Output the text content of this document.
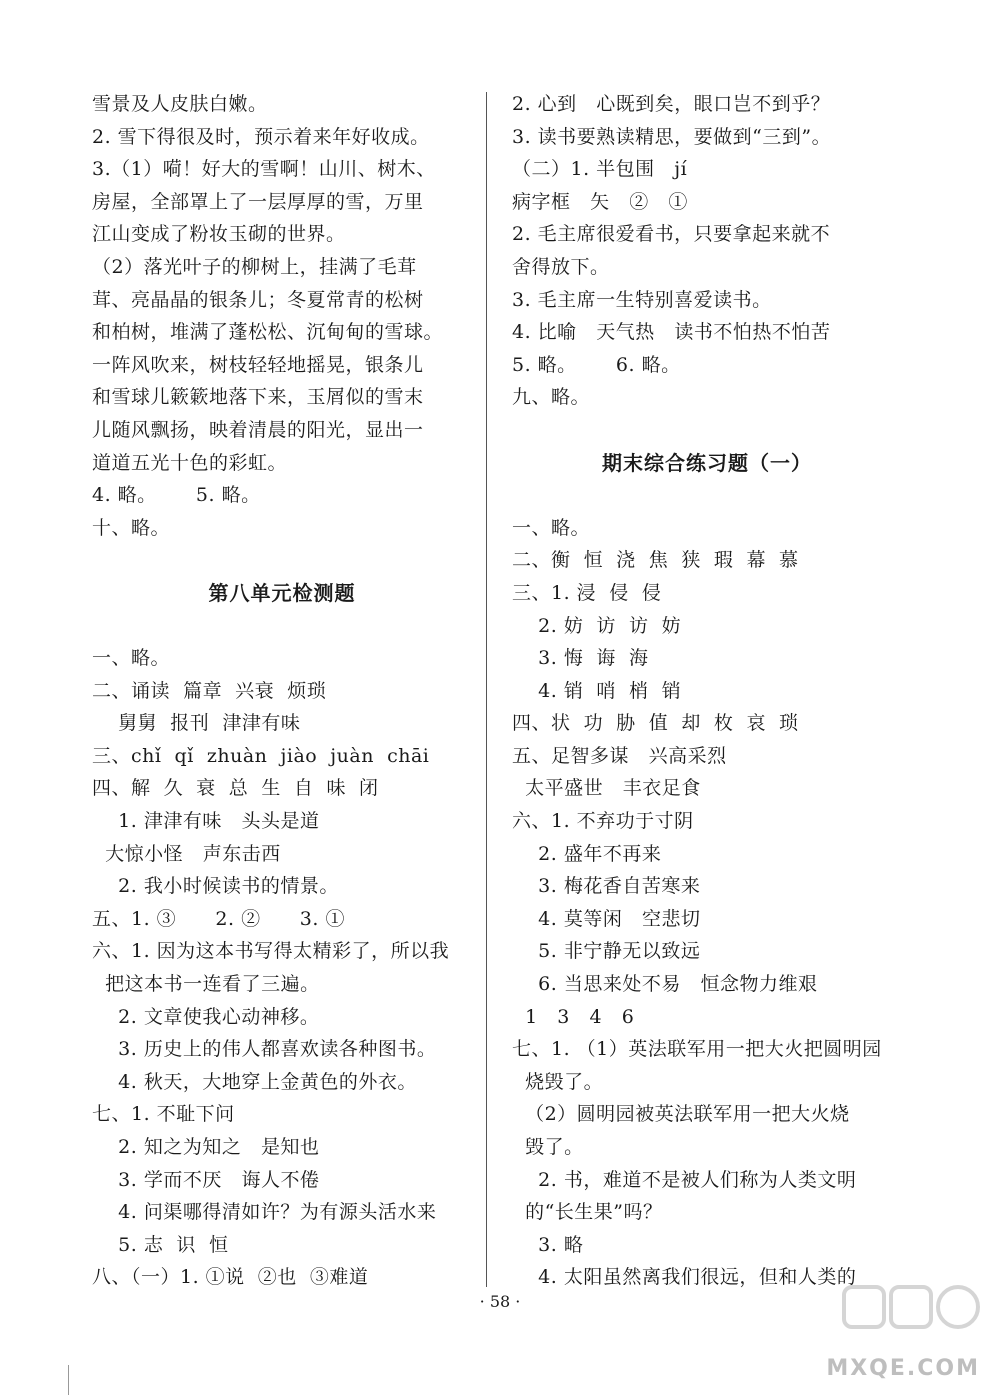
雪景及人皮肤白嫩。
2. 雪下得很及时，预示着来年好收成。
3.（1）嗬！好大的雪啊！山川、树木、
房屋，全部罩上了一层厚厚的雪，万里
江山变成了粉妆玉砌的世界。
（2）落光叶子的柳树上，挂满了毛茸
茸、亮晶晶的银条儿；冬夏常青的松树
和柏树，堆满了蓬松松、沉甸甸的雪球。
一阵风吹来，树枝轻轻地摇晃，银条儿
和雪球儿簌簌地落下来，玉屑似的雪末
儿随风飘扬，映着清晨的阳光，显出一
道道五光十色的彩虹。
4. 略。      5. 略。
十、略。
第八单元检测题
一、略。
二、诵读  篇章  兴衰  烦琐
舅舅  报刊  津津有味
三、chǐ  qǐ  zhuàn  jiào  juàn  chāi
四、解  久  衰  总  生  自  味  闭
1. 津津有味   头头是道
大惊小怪   声东击西
2. 我小时候读书的情景。
五、1. ③      2. ②      3. ①
六、1. 因为这本书写得太精彩了，所以我
把这本书一连看了三遍。
2. 文章使我心动神移。
3. 历史上的伟人都喜欢读各种图书。
4. 秋天，大地穿上金黄色的外衣。
七、1. 不耻下问
2. 知之为知之   是知也
3. 学而不厌   诲人不倦
4. 问渠哪得清如许？为有源头活水来
5. 志  识  恒
八、（一）1. ①说  ②也  ③难道
2. 心到   心既到矣，眼口岂不到乎？
3. 读书要熟读精思，要做到“三到”。
（二）1. 半包围   jí
病字框   矢   ②   ①
2. 毛主席很爱看书，只要拿起来就不
舍得放下。
3. 毛主席一生特别喜爱读书。
4. 比喻   天气热   读书不怕热不怕苦
5. 略。      6. 略。
九、略。
期末综合练习题（一）
一、略。
二、衡  恒  浇  焦  狭  瑕  幕  慕
三、1. 浸  侵  侵
2. 妨  访  访  妨
3. 悔  诲  海
4. 销  哨  梢  销
四、状  功  胁  值  却  枚  哀  琐
五、足智多谋   兴高采烈
太平盛世   丰衣足食
六、1. 不弃功于寸阴
2. 盛年不再来
3. 梅花香自苦寒来
4. 莫等闲   空悲切
5. 非宁静无以致远
6. 当思来处不易   恒念物力维艰
1   3   4   6
七、1. （1）英法联军用一把大火把圆明园
烧毁了。
（2）圆明园被英法联军用一把大火烧
毁了。
2. 书，难道不是被人们称为人类文明
的“长生果”吗？
3. 略
4. 太阳虽然离我们很远，但和人类的
· 58 ·
MXQE.COM
